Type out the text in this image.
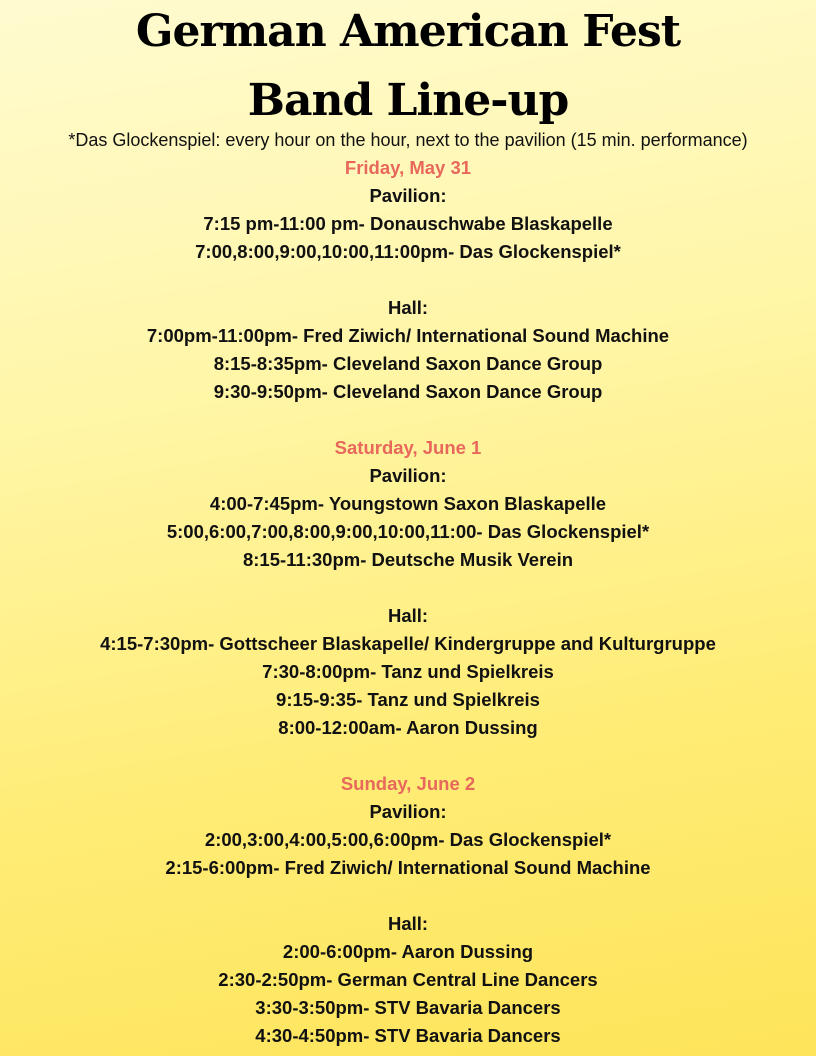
German American Fest
Band Line-up
*Das Glockenspiel: every hour on the hour, next to the pavilion (15 min. performance)
Friday, May 31
Pavilion:
7:15 pm-11:00 pm- Donauschwabe Blaskapelle
7:00,8:00,9:00,10:00,11:00pm- Das Glockenspiel*
Hall:
7:00pm-11:00pm- Fred Ziwich/ International Sound Machine
8:15-8:35pm- Cleveland Saxon Dance Group
9:30-9:50pm- Cleveland Saxon Dance Group
Saturday, June 1
Pavilion:
4:00-7:45pm- Youngstown Saxon Blaskapelle
5:00,6:00,7:00,8:00,9:00,10:00,11:00- Das Glockenspiel*
8:15-11:30pm- Deutsche Musik Verein
Hall:
4:15-7:30pm- Gottscheer Blaskapelle/ Kindergruppe and Kulturgruppe
7:30-8:00pm- Tanz und Spielkreis
9:15-9:35- Tanz und Spielkreis
8:00-12:00am- Aaron Dussing
Sunday, June 2
Pavilion:
2:00,3:00,4:00,5:00,6:00pm- Das Glockenspiel*
2:15-6:00pm- Fred Ziwich/ International Sound Machine
Hall:
2:00-6:00pm- Aaron Dussing
2:30-2:50pm- German Central Line Dancers
3:30-3:50pm- STV Bavaria Dancers
4:30-4:50pm- STV Bavaria Dancers
